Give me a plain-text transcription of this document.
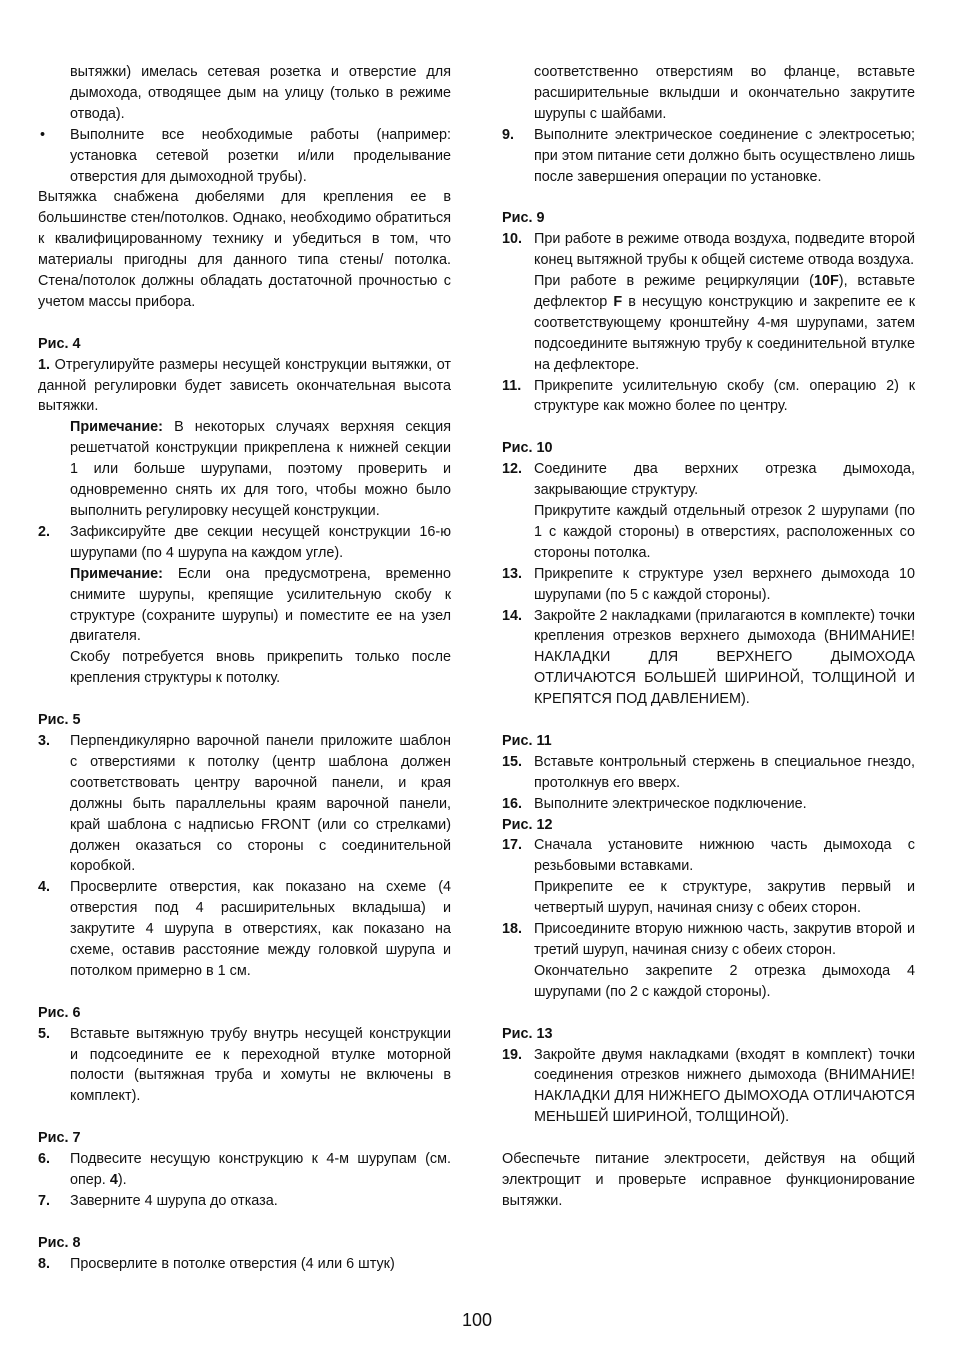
вытяжки) имелась сетевая розетка и отверстие для дымохода, отводящее дым на улицу (только в режиме отвода).

• Выполните все необходимые работы (например: установка сетевой розетки и/или проделывание отверстия для дымоходной трубы).

Вытяжка снабжена дюбелями для крепления ее в большинстве стен/потолков. Однако, необходимо обратиться к квалифицированному технику и убедиться в том, что материалы пригодны для данного типа стены/ потолка. Стена/потолок должны обладать достаточной прочностью с учетом массы прибора.

Рис. 4

1. Отрегулируйте размеры несущей конструкции вытяжки, от данной регулировки будет зависеть окончательная высота вытяжки.

Примечание: В некоторых случаях верхняя секция решетчатой конструкции прикреплена к нижней секции 1 или больше шурупами, поэтому проверить и одновременно снять их для того, чтобы можно было выполнить регулировку несущей конструкции.

2. Зафиксируйте две секции несущей конструкции 16-ю шурупами (по 4 шурупа на каждом угле).

Примечание: Если она предусмотрена, временно снимите шурупы, крепящие усилительную скобу к структуре (сохраните шурупы) и поместите ее на узел двигателя.

Скобу потребуется вновь прикрепить только после крепления структуры к потолку.

Рис. 5

3. Перпендикулярно варочной панели приложите шаблон с отверстиями к потолку (центр шаблона должен соответствовать центру варочной панели, и края должны быть параллельны краям варочной панели, край шаблона с надписью FRONT (или со стрелками) должен оказаться со стороны с соединительной коробкой.
4. Просверлите отверстия, как показано на схеме (4 отверстия под 4 расширительных вкладыша) и закрутите 4 шурупа в отверстиях, как показано на схеме, оставив расстояние между головкой шурупа и потолком примерно в 1 см.

Рис. 6

5. Вставьте вытяжную трубу внутрь несущей конструкции и подсоедините ее к переходной втулке моторной полости (вытяжная труба и хомуты не включены в комплект).

Рис. 7

6. Подвесите несущую конструкцию к 4-м шурупам (см. опер. 4).
7. Заверните 4 шурупа до отказа.

Рис. 8

8. Просверлите в потолке отверстия (4 или 6 штук)

соответственно отверстиям во фланце, вставьте расширительные вклыдши и окончательно закрутите шурупы с шайбами.

9. Выполните электрическое соединение с электросетью; при этом питание сети должно быть осуществлено лишь после завершения операции по установке.

Рис. 9

10. При работе в режиме отвода воздуха, подведите второй конец вытяжной трубы к общей системе отвода воздуха.

При работе в режиме рециркуляции (10F), вставьте дефлектор F в несущую конструкцию и закрепите ее к соответствующему кронштейну 4-мя шурупами, затем подсоедините вытяжную трубу к соединительной втулке на дефлекторе.

11. Прикрепите усилительную скобу (см. операцию 2) к структуре как можно более по центру.

Рис. 10

12. Соедините два верхних отрезка дымохода, закрывающие структуру.

Прикрутите каждый отдельный отрезок 2 шурупами (по 1 с каждой стороны) в отверстиях, расположенных со стороны потолка.

13. Прикрепите к структуре узел верхнего дымохода 10 шурупами (по 5 с каждой стороны).
14. Закройте 2 накладками (прилагаются в комплекте) точки крепления отрезков верхнего дымохода (ВНИМАНИЕ! НАКЛАДКИ ДЛЯ ВЕРХНЕГО ДЫМОХОДА ОТЛИЧАЮТСЯ БОЛЬШЕЙ ШИРИНОЙ, ТОЛЩИНОЙ И КРЕПЯТСЯ ПОД ДАВЛЕНИЕМ).

Рис. 11

15. Вставьте контрольный стержень в специальное гнездо, протолкнув его вверх.
16. Выполните электрическое подключение.

Рис. 12

17. Сначала установите нижнюю часть дымохода с резьбовыми вставками.

Прикрепите ее к структуре, закрутив первый и четвертый шуруп, начиная снизу с обеих сторон.

18. Присоедините вторую нижнюю часть, закрутив второй и третий шуруп, начиная снизу с обеих сторон.

Окончательно закрепите 2 отрезка дымохода 4 шурупами (по 2 с каждой стороны).

Рис. 13

19. Закройте двумя накладками (входят в комплект) точки соединения отрезков нижнего дымохода (ВНИМАНИЕ! НАКЛАДКИ ДЛЯ НИЖНЕГО ДЫМОХОДА ОТЛИЧАЮТСЯ МЕНЬШЕЙ ШИРИНОЙ, ТОЛЩИНОЙ).

Обеспечьте питание электросети, действуя на общий электрощит и проверьте исправное функционирование вытяжки.

100
